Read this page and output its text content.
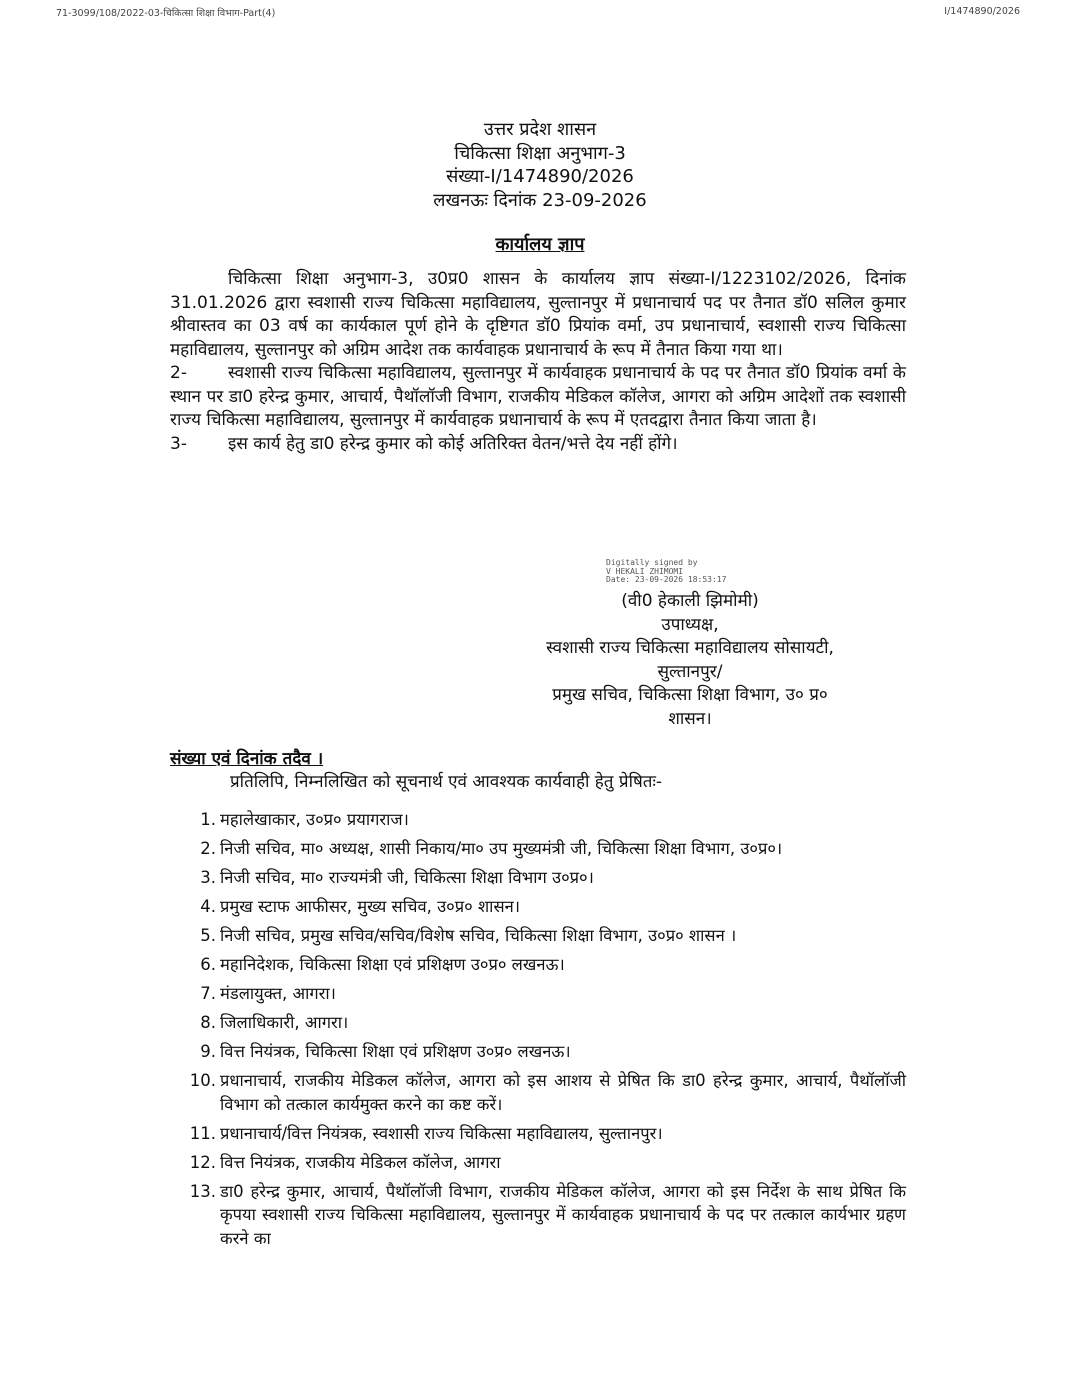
71-3099/108/2022-03-चिकित्सा शिक्षा विभाग-Part(4)	I/1474890/2026
उत्तर प्रदेश शासन
चिकित्सा शिक्षा अनुभाग-3
संख्या-I/1474890/2026
लखनऊः दिनांक 23-09-2026
कार्यालय ज्ञाप

चिकित्सा शिक्षा अनुभाग-3, उ0प्र0 शासन के कार्यालय ज्ञाप संख्या-I/1223102/2026, दिनांक 31.01.2026 द्वारा स्वशासी राज्य चिकित्सा महाविद्यालय, सुल्तानपुर में प्रधानाचार्य पद पर तैनात डॉ0 सलिल कुमार श्रीवास्तव का 03 वर्ष का कार्यकाल पूर्ण होने के दृष्टिगत डॉ0 प्रियांक वर्मा, उप प्रधानाचार्य, स्वशासी राज्य चिकित्सा महाविद्यालय, सुल्तानपुर को अग्रिम आदेश तक कार्यवाहक प्रधानाचार्य के रूप में तैनात किया गया था।

2- स्वशासी राज्य चिकित्सा महाविद्यालय, सुल्तानपुर में कार्यवाहक प्रधानाचार्य के पद पर तैनात डॉ0 प्रियांक वर्मा के स्थान पर डा0 हरेन्द्र कुमार, आचार्य, पैथॉलॉजी विभाग, राजकीय मेडिकल कॉलेज, आगरा को अग्रिम आदेशों तक स्वशासी राज्य चिकित्सा महाविद्यालय, सुल्तानपुर में कार्यवाहक प्रधानाचार्य के रूप में एतदद्वारा तैनात किया जाता है।

3- इस कार्य हेतु डा0 हरेन्द्र कुमार को कोई अतिरिक्त वेतन/भत्ते देय नहीं होंगे।

Digitally signed by
V HEKALI ZHIMOMI
Date: 23-09-2026 18:53:17
(वी0 हेकाली झिमोमी)
उपाध्यक्ष,
स्वशासी राज्य चिकित्सा महाविद्यालय सोसायटी,
सुल्तानपुर/
प्रमुख सचिव, चिकित्सा शिक्षा विभाग, उ० प्र०
शासन।
संख्या एवं दिनांक तदैव ।
प्रतिलिपि, निम्नलिखित को सूचनार्थ एवं आवश्यक कार्यवाही हेतु प्रेषितः-
1. महालेखाकार, उ०प्र० प्रयागराज।
2. निजी सचिव, मा० अध्यक्ष, शासी निकाय/मा० उप मुख्यमंत्री जी, चिकित्सा शिक्षा विभाग, उ०प्र०।
3. निजी सचिव, मा० राज्यमंत्री जी, चिकित्सा शिक्षा विभाग उ०प्र०।
4. प्रमुख स्टाफ आफीसर, मुख्य सचिव, उ०प्र० शासन।
5. निजी सचिव, प्रमुख सचिव/सचिव/विशेष सचिव, चिकित्सा शिक्षा विभाग, उ०प्र० शासन ।
6. महानिदेशक, चिकित्सा शिक्षा एवं प्रशिक्षण उ०प्र० लखनऊ।
7. मंडलायुक्त, आगरा।
8. जिलाधिकारी, आगरा।
9. वित्त नियंत्रक, चिकित्सा शिक्षा एवं प्रशिक्षण उ०प्र० लखनऊ।
10. प्रधानाचार्य, राजकीय मेडिकल कॉलेज, आगरा को इस आशय से प्रेषित कि डा0 हरेन्द्र कुमार, आचार्य, पैथॉलॉजी विभाग को तत्काल कार्यमुक्त करने का कष्ट करें।
11. प्रधानाचार्य/वित्त नियंत्रक, स्वशासी राज्य चिकित्सा महाविद्यालय, सुल्तानपुर।
12. वित्त नियंत्रक, राजकीय मेडिकल कॉलेज, आगरा
13. डा0 हरेन्द्र कुमार, आचार्य, पैथॉलॉजी विभाग, राजकीय मेडिकल कॉलेज, आगरा को इस निर्देश के साथ प्रेषित कि कृपया स्वशासी राज्य चिकित्सा महाविद्यालय, सुल्तानपुर में कार्यवाहक प्रधानाचार्य के पद पर तत्काल कार्यभार ग्रहण करने का
